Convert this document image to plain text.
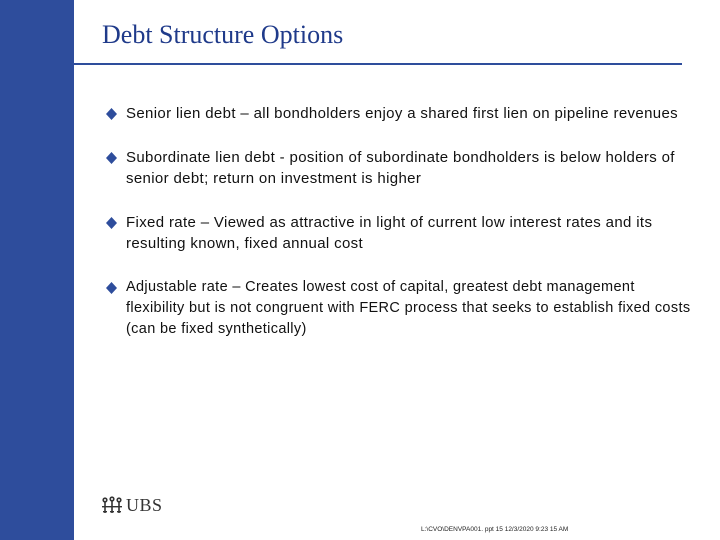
Debt Structure Options
Senior lien debt – all bondholders enjoy a shared first lien on pipeline revenues
Subordinate lien debt - position of subordinate bondholders is below holders of senior debt; return on investment is higher
Fixed rate – Viewed as attractive in light of current low interest rates and its resulting known, fixed annual cost
Adjustable rate – Creates lowest cost of capital, greatest debt management flexibility but is not congruent with FERC process that seeks to establish fixed costs (can be fixed synthetically)
UBS
L:\CVO\DENVPA001. ppt 15 12/3/2020 9:23 15 AM
